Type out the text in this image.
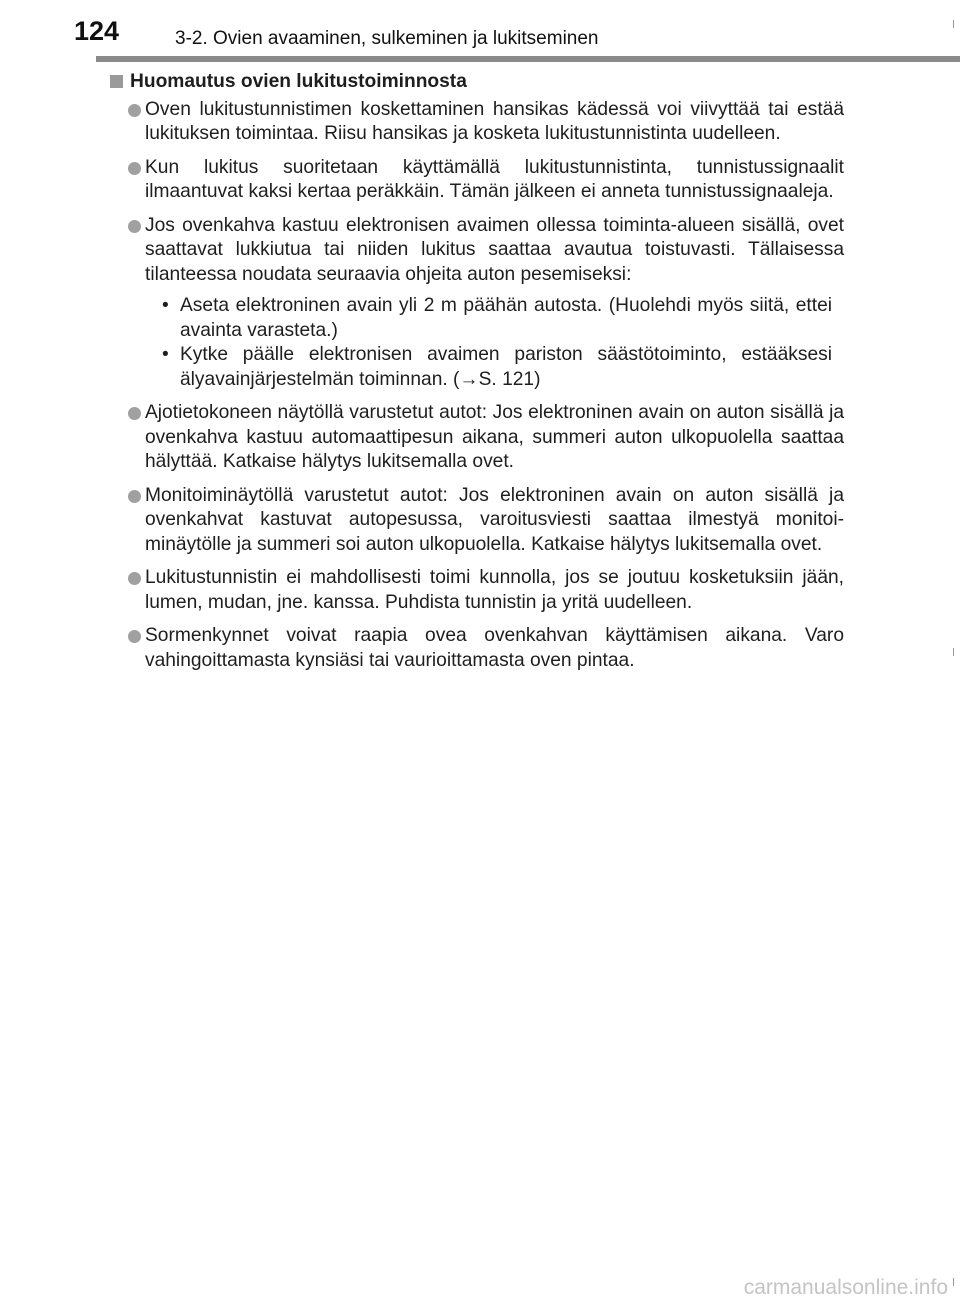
124	3-2. Ovien avaaminen, sulkeminen ja lukitseminen
Huomautus ovien lukitustoiminnosta
Oven lukitustunnistimen koskettaminen hansikas kädessä voi viivyttää tai estää lukituksen toimintaa. Riisu hansikas ja kosketa lukitustunnistinta uudelleen.
Kun lukitus suoritetaan käyttämällä lukitustunnistinta, tunnistussignaalit ilmaantuvat kaksi kertaa peräkkäin. Tämän jälkeen ei anneta tunnistussignaaleja.
Jos ovenkahva kastuu elektronisen avaimen ollessa toiminta-alueen sisällä, ovet saattavat lukkiutua tai niiden lukitus saattaa avautua toistuvasti. Tällaisessa tilanteessa noudata seuraavia ohjeita auton pesemiseksi:
• Aseta elektroninen avain yli 2 m päähän autosta. (Huolehdi myös siitä, ettei avainta varasteta.)
• Kytke päälle elektronisen avaimen pariston säästötoiminto, estääksesi älyavainjärjestelmän toiminnan. (→S. 121)
Ajotietokoneen näytöllä varustetut autot: Jos elektroninen avain on auton sisällä ja ovenkahva kastuu automaattipesun aikana, summeri auton ulkopuolella saattaa hälyttää. Katkaise hälytys lukitsemalla ovet.
Monitoiminäytöllä varustetut autot: Jos elektroninen avain on auton sisällä ja ovenkahvat kastuvat autopesussa, varoitusviesti saattaa ilmestyä monitoiminäytölle ja summeri soi auton ulkopuolella. Katkaise hälytys lukitsemalla ovet.
Lukitustunnistin ei mahdollisesti toimi kunnolla, jos se joutuu kosketuksiin jään, lumen, mudan, jne. kanssa. Puhdista tunnistin ja yritä uudelleen.
Sormenkynnet voivat raapia ovea ovenkahvan käyttämisen aikana. Varo vahingoittamasta kynsiäsi tai vaurioittamasta oven pintaa.
carmanualsonline.info
